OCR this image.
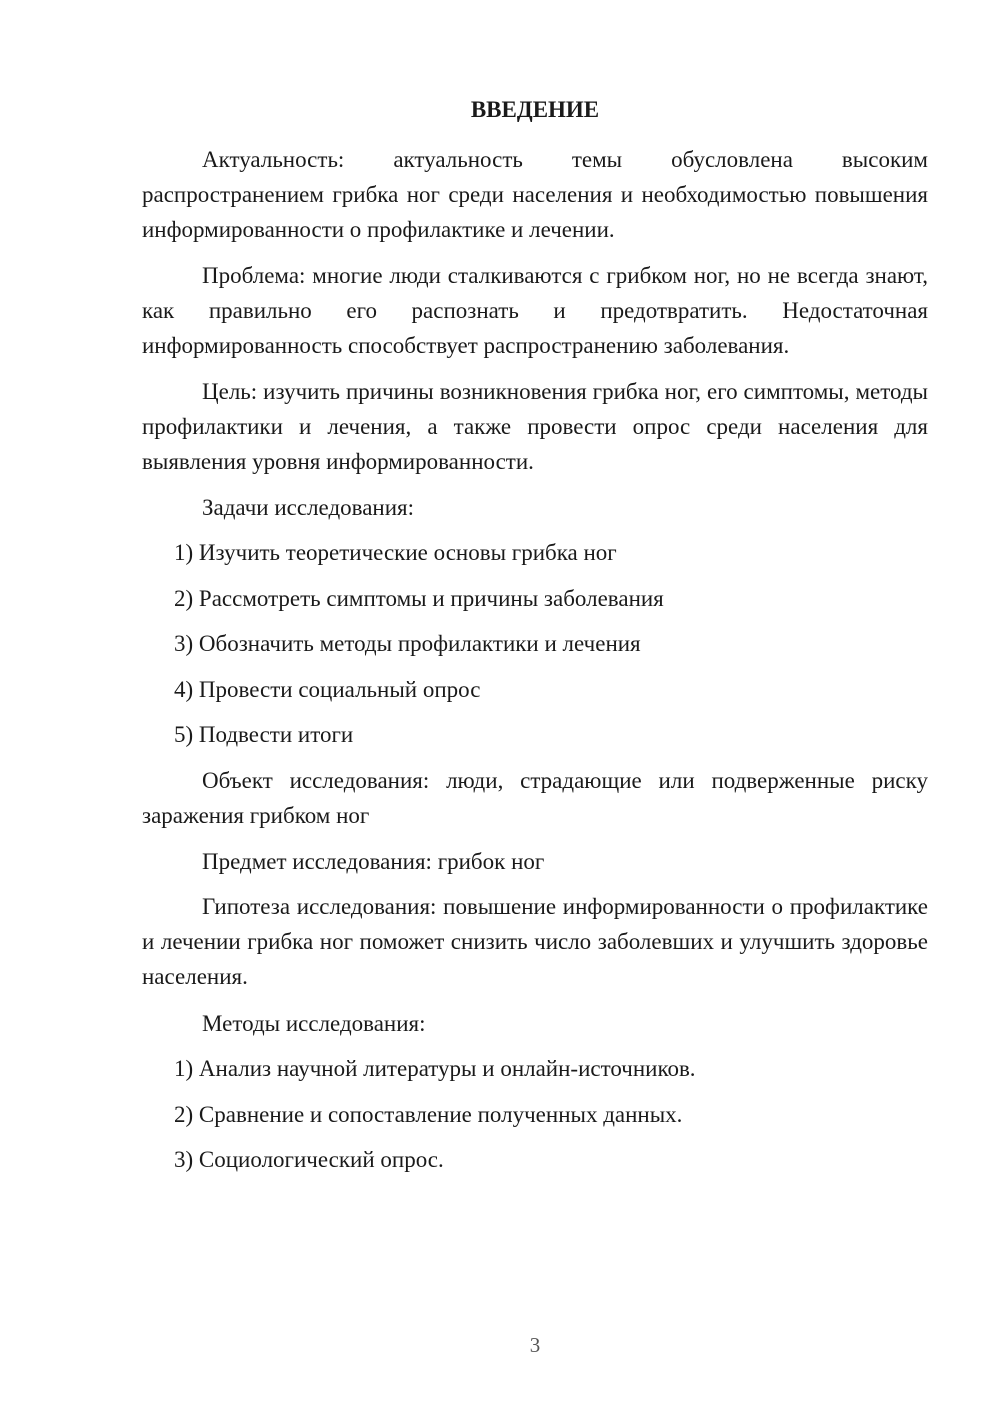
ВВЕДЕНИЕ

Актуальность: актуальность темы обусловлена высоким распространением грибка ног среди населения и необходимостью повышения информированности о профилактике и лечении.

Проблема: многие люди сталкиваются с грибком ног, но не всегда знают, как правильно его распознать и предотвратить. Недостаточная информированность способствует распространению заболевания.

Цель: изучить причины возникновения грибка ног, его симптомы, методы профилактики и лечения, а также провести опрос среди населения для выявления уровня информированности.

Задачи исследования:

1) Изучить теоретические основы грибка ног

2) Рассмотреть симптомы и причины заболевания

3) Обозначить методы профилактики и лечения

4) Провести социальный опрос

5) Подвести итоги

Объект исследования: люди, страдающие или подверженные риску заражения грибком ног

Предмет исследования: грибок ног

Гипотеза исследования: повышение информированности о профилактике и лечении грибка ног поможет снизить число заболевших и улучшить здоровье населения.

Методы исследования:

1) Анализ научной литературы и онлайн-источников.

2) Сравнение и сопоставление полученных данных.

3) Социологический опрос.

3
